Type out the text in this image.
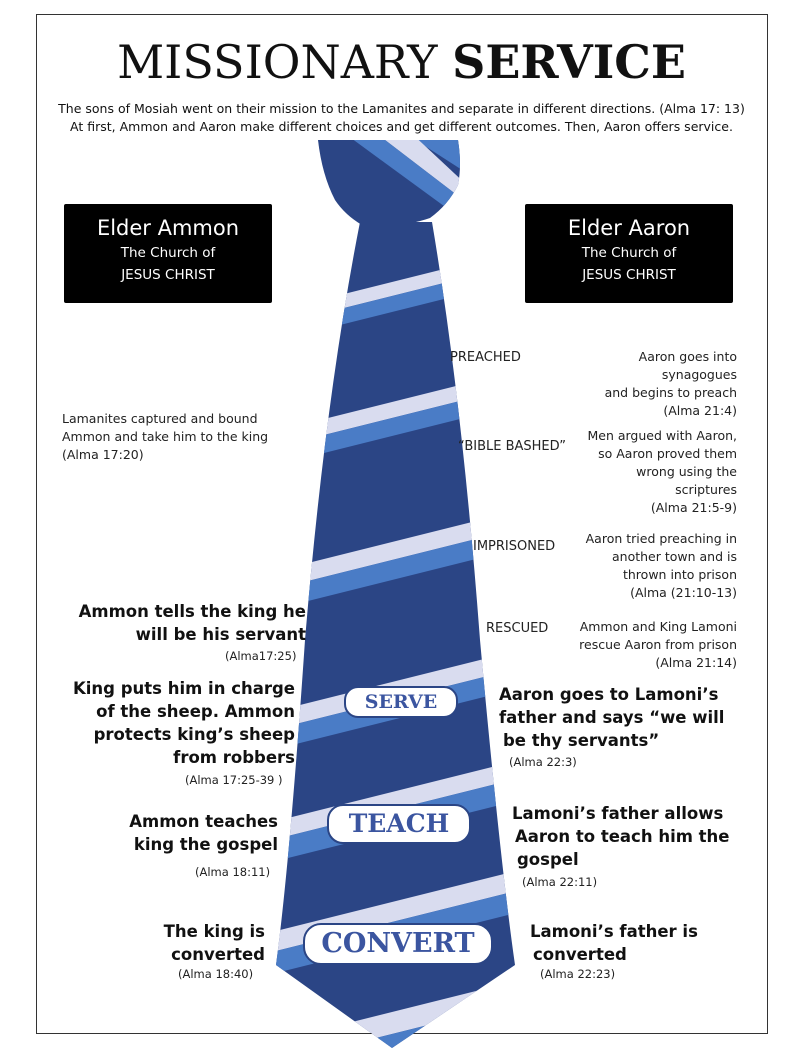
MISSIONARY SERVICE
The sons of Mosiah went on their mission to the Lamanites and separate in different directions. (Alma 17: 13)
At first, Ammon and Aaron make different choices and get different outcomes. Then, Aaron offers service.
Elder Ammon
The Church of
JESUS CHRIST
Elder Aaron
The Church of
JESUS CHRIST
PREACHED
“BIBLE BASHED”
IMPRISONED
RESCUED
Aaron goes into
synagogues
and begins to preach
(Alma 21:4)
Men argued with Aaron,
so Aaron proved them
wrong using the
scriptures
(Alma 21:5-9)
Aaron tried preaching in
another town and is
thrown into prison
(Alma (21:10-13)
Ammon and King Lamoni
rescue Aaron from prison
(Alma 21:14)
Lamanites captured and bound
Ammon and take him to the king
(Alma 17:20)
Ammon tells the king he
will be his servant
(Alma17:25)
King puts him in charge
of the sheep. Ammon
protects king’s sheep
from robbers
(Alma 17:25-39 )
SERVE	Aaron goes to Lamoni’s
father and says “we will
be thy servants”
(Alma 22:3)
Ammon teaches
king the gospel
(Alma 18:11)
TEACH	Lamoni’s father allows
Aaron to teach him the
gospel
(Alma 22:11)
The king is
converted
(Alma 18:40)
CONVERT	Lamoni’s father is
converted
(Alma 22:23)
